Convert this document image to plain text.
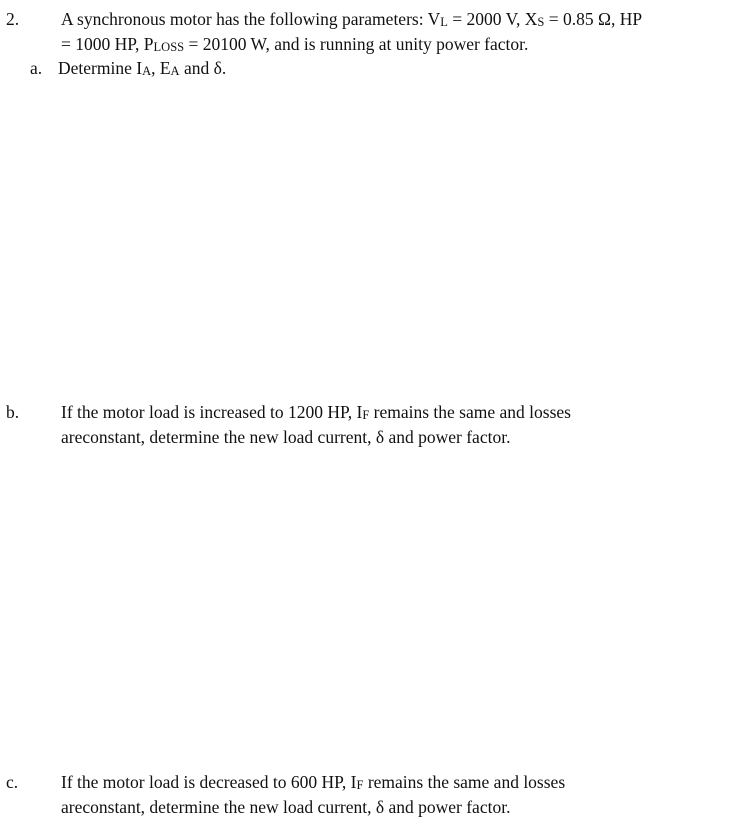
2. A synchronous motor has the following parameters: VL = 2000 V, XS = 0.85 Ω, HP
= 1000 HP, PLOSS = 20100 W, and is running at unity power factor.
a. Determine IA, EA and δ.
b. If the motor load is increased to 1200 HP, IF remains the same and losses
areconstant, determine the new load current, δ and power factor.
c. If the motor load is decreased to 600 HP, IF remains the same and losses
areconstant, determine the new load current, δ and power factor.
